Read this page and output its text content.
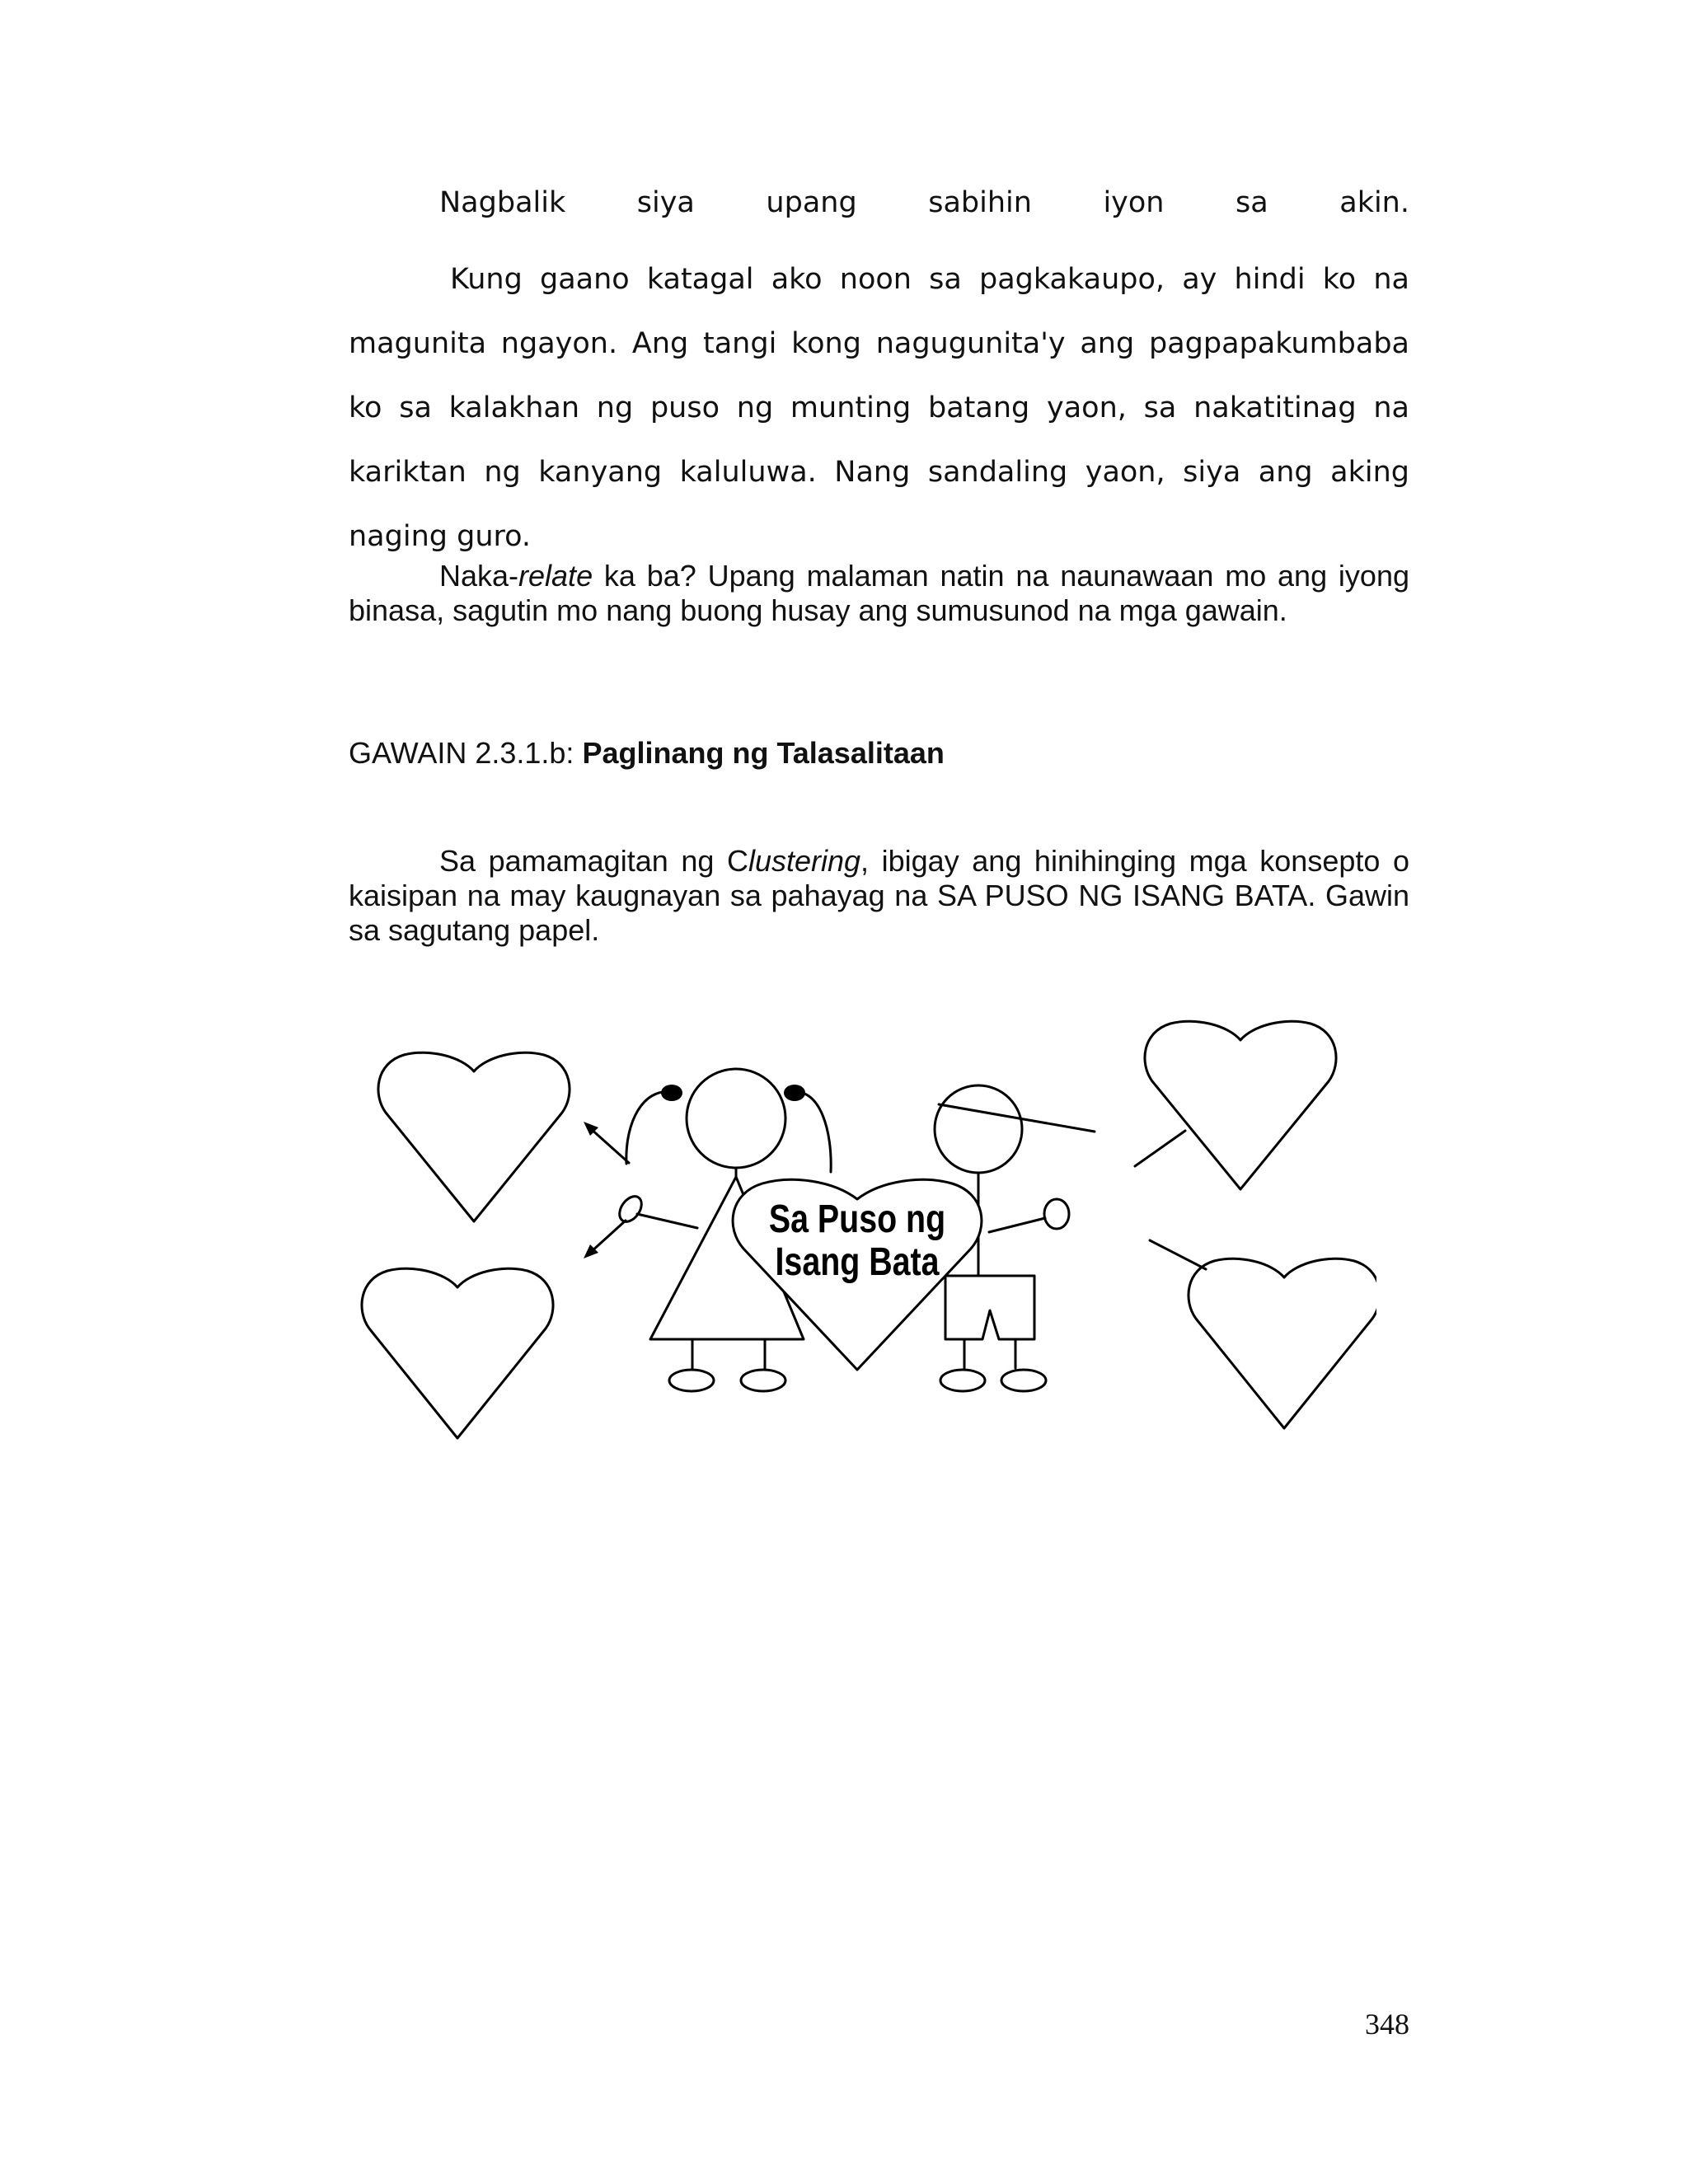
Nagbalik siya upang sabihin iyon sa akin.

Kung gaano katagal ako noon sa pagkakaupo, ay hindi ko na magunita ngayon. Ang tangi kong nagugunita'y ang pagpapakumbaba ko sa kalakhan ng puso ng munting batang yaon, sa nakatitinag na kariktan ng kanyang kaluluwa. Nang sandaling yaon, siya ang aking naging guro.

Naka-relate ka ba? Upang malaman natin na naunawaan mo ang iyong binasa, sagutin mo nang buong husay ang sumusunod na mga gawain.

GAWAIN 2.3.1.b: Paglinang ng Talasalitaan

Sa pamamagitan ng Clustering, ibigay ang hinihinging mga konsepto o kaisipan na may kaugnayan sa pahayag na SA PUSO NG ISANG BATA. Gawin sa sagutang papel.

Sa Puso ng
Isang Bata
348
